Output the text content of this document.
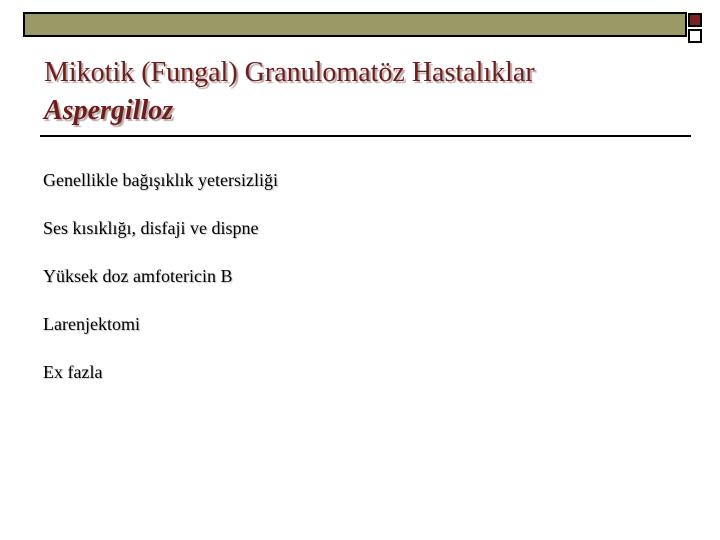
Mikotik (Fungal) Granulomatöz Hastalıklar
Aspergilloz
Genellikle bağışıklık yetersizliği
Ses kısıklığı, disfaji ve dispne
Yüksek doz amfotericin B
Larenjektomi
Ex fazla
